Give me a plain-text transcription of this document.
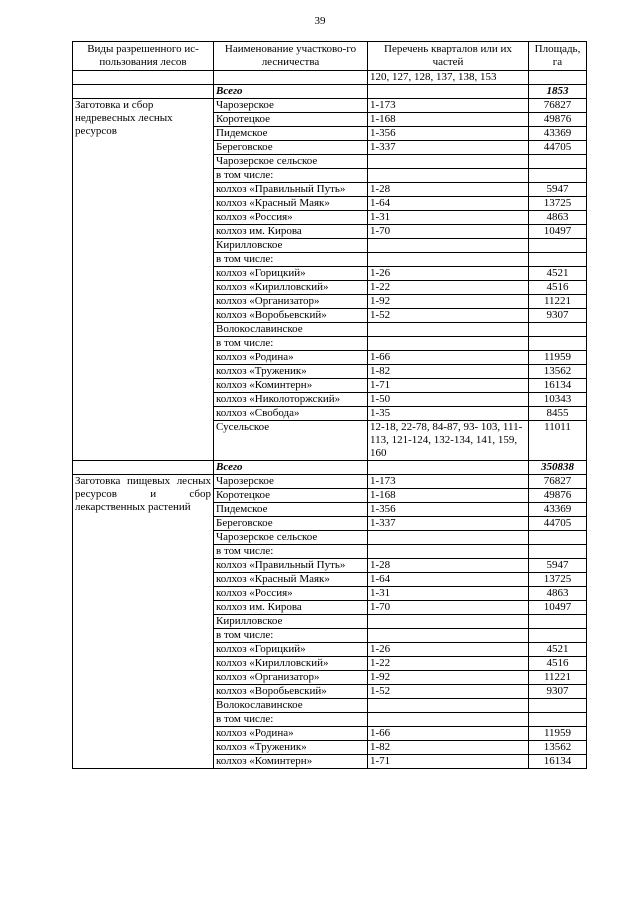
39
Виды разрешенного ис-пользования лесов	Наименование участково-го лесничества	Перечень кварталов или их частей	Площадь, га
		120, 127, 128, 137, 138, 153	
	Всего		1853
Заготовка и сбор недревесных лесных ресурсов	Чарозерское	1-173	76827
	Коротецкое	1-168	49876
	Пидемское	1-356	43369
	Береговское	1-337	44705
	Чарозерское сельское		
	в том числе:		
	колхоз «Правильный Путь»	1-28	5947
	колхоз «Красный Маяк»	1-64	13725
	колхоз «Россия»	1-31	4863
	колхоз им. Кирова	1-70	10497
	Кирилловское		
	в том числе:		
	колхоз «Горицкий»	1-26	4521
	колхоз «Кирилловский»	1-22	4516
	колхоз «Организатор»	1-92	11221
	колхоз «Воробьевский»	1-52	9307
	Волокославинское		
	в том числе:		
	колхоз «Родина»	1-66	11959
	колхоз «Труженик»	1-82	13562
	колхоз «Коминтерн»	1-71	16134
	колхоз «Николоторжский»	1-50	10343
	колхоз «Свобода»	1-35	8455
	Сусельское	12-18, 22-78, 84-87, 93- 103, 111-113, 121-124, 132-134, 141, 159, 160	11011
	Всего		350838
Заготовка пищевых лесных ресурсов и сбор лекарственных растений	Чарозерское	1-173	76827
	Коротецкое	1-168	49876
	Пидемское	1-356	43369
	Береговское	1-337	44705
	Чарозерское сельское		
	в том числе:		
	колхоз «Правильный Путь»	1-28	5947
	колхоз «Красный Маяк»	1-64	13725
	колхоз «Россия»	1-31	4863
	колхоз им. Кирова	1-70	10497
	Кирилловское		
	в том числе:		
	колхоз «Горицкий»	1-26	4521
	колхоз «Кирилловский»	1-22	4516
	колхоз «Организатор»	1-92	11221
	колхоз «Воробьевский»	1-52	9307
	Волокославинское		
	в том числе:		
	колхоз «Родина»	1-66	11959
	колхоз «Труженик»	1-82	13562
	колхоз «Коминтерн»	1-71	16134
